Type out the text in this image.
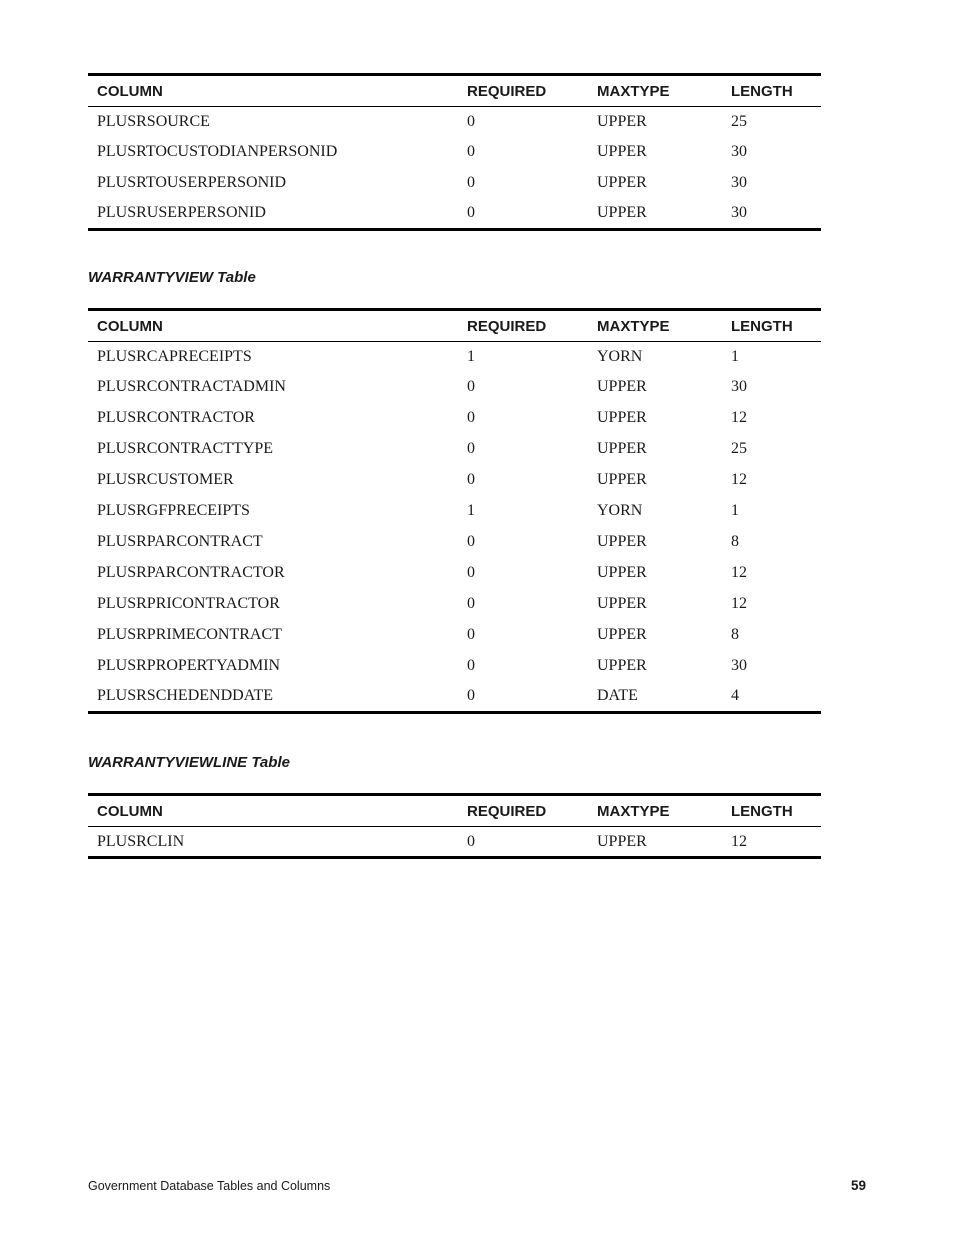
COLUMN	REQUIRED	MAXTYPE	LENGTH
PLUSRSOURCE	0	UPPER	25
PLUSRTOCUSTODIANPERSONID	0	UPPER	30
PLUSRTOUSERPERSONID	0	UPPER	30
PLUSRUSERPERSONID	0	UPPER	30
WARRANTYVIEW Table
COLUMN	REQUIRED	MAXTYPE	LENGTH
PLUSRCAPRECEIPTS	1	YORN	1
PLUSRCONTRACTADMIN	0	UPPER	30
PLUSRCONTRACTOR	0	UPPER	12
PLUSRCONTRACTTYPE	0	UPPER	25
PLUSRCUSTOMER	0	UPPER	12
PLUSRGFPRECEIPTS	1	YORN	1
PLUSRPARCONTRACT	0	UPPER	8
PLUSRPARCONTRACTOR	0	UPPER	12
PLUSRPRICONTRACTOR	0	UPPER	12
PLUSRPRIMECONTRACT	0	UPPER	8
PLUSRPROPERTYADMIN	0	UPPER	30
PLUSRSCHEDENDDATE	0	DATE	4
WARRANTYVIEWLINE Table
COLUMN	REQUIRED	MAXTYPE	LENGTH
PLUSRCLIN	0	UPPER	12
Government Database Tables and Columns	59
